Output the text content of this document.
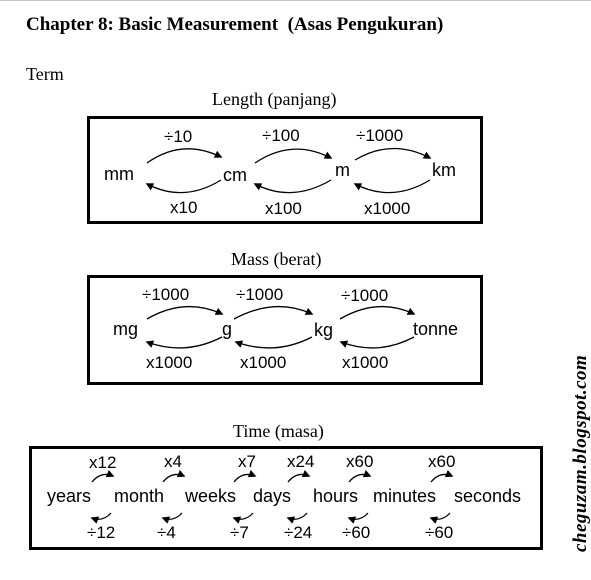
Chapter 8: Basic Measurement  (Asas Pengukuran)
Term
Length (panjang)
÷10	÷100	÷1000
mm	cm	m	km
x10	x100	x1000
Mass (berat)
÷1000	÷1000	÷1000
mg	g	kg	tonne
x1000	x1000	x1000
Time (masa)
x12	x4	x7 x24 x60	x60
years month weeks days hours minutes seconds
÷12 ÷4	÷7 ÷24 ÷60	÷60	cheguzam.blogspot.com
